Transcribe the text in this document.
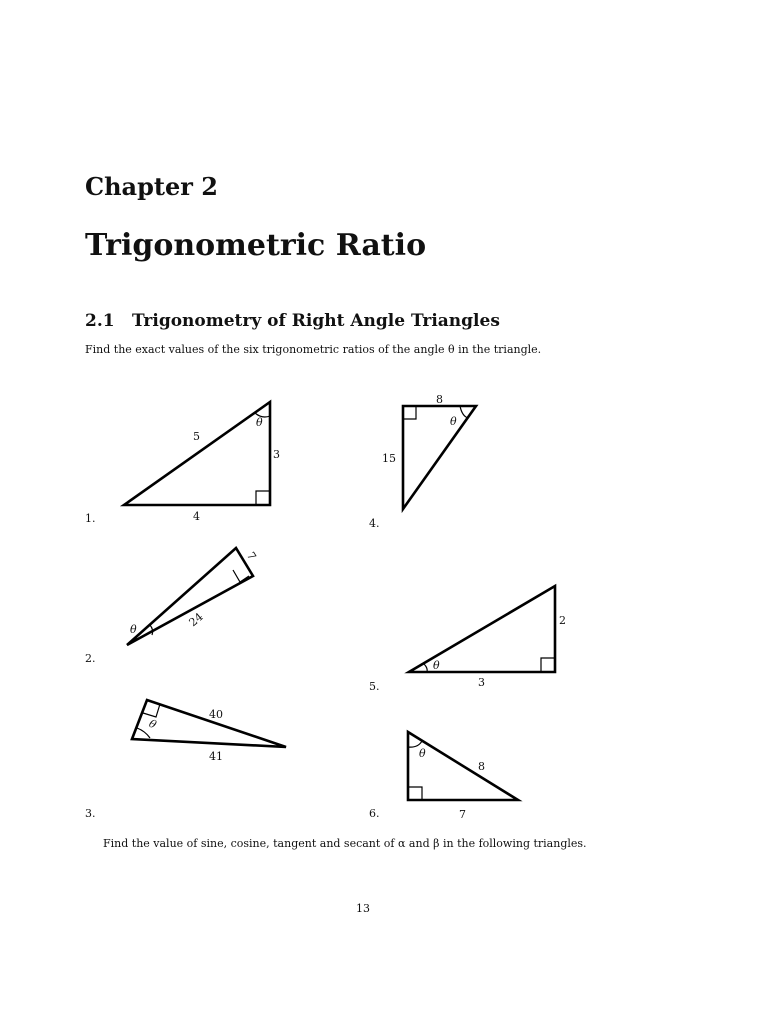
Chapter 2
Trigonometric Ratio
2.1 Trigonometry of Right Angle Triangles
Find the exact values of the six trigonometric ratios of the angle θ in the triangle.
5
3
4
θ
7
24
θ
40
41
θ
8
15
θ
2
3
θ
8
7
θ
1.
2.
3.
4.
5.
6.
Find the value of sine, cosine, tangent and secant of α and β in the following triangles.
13
